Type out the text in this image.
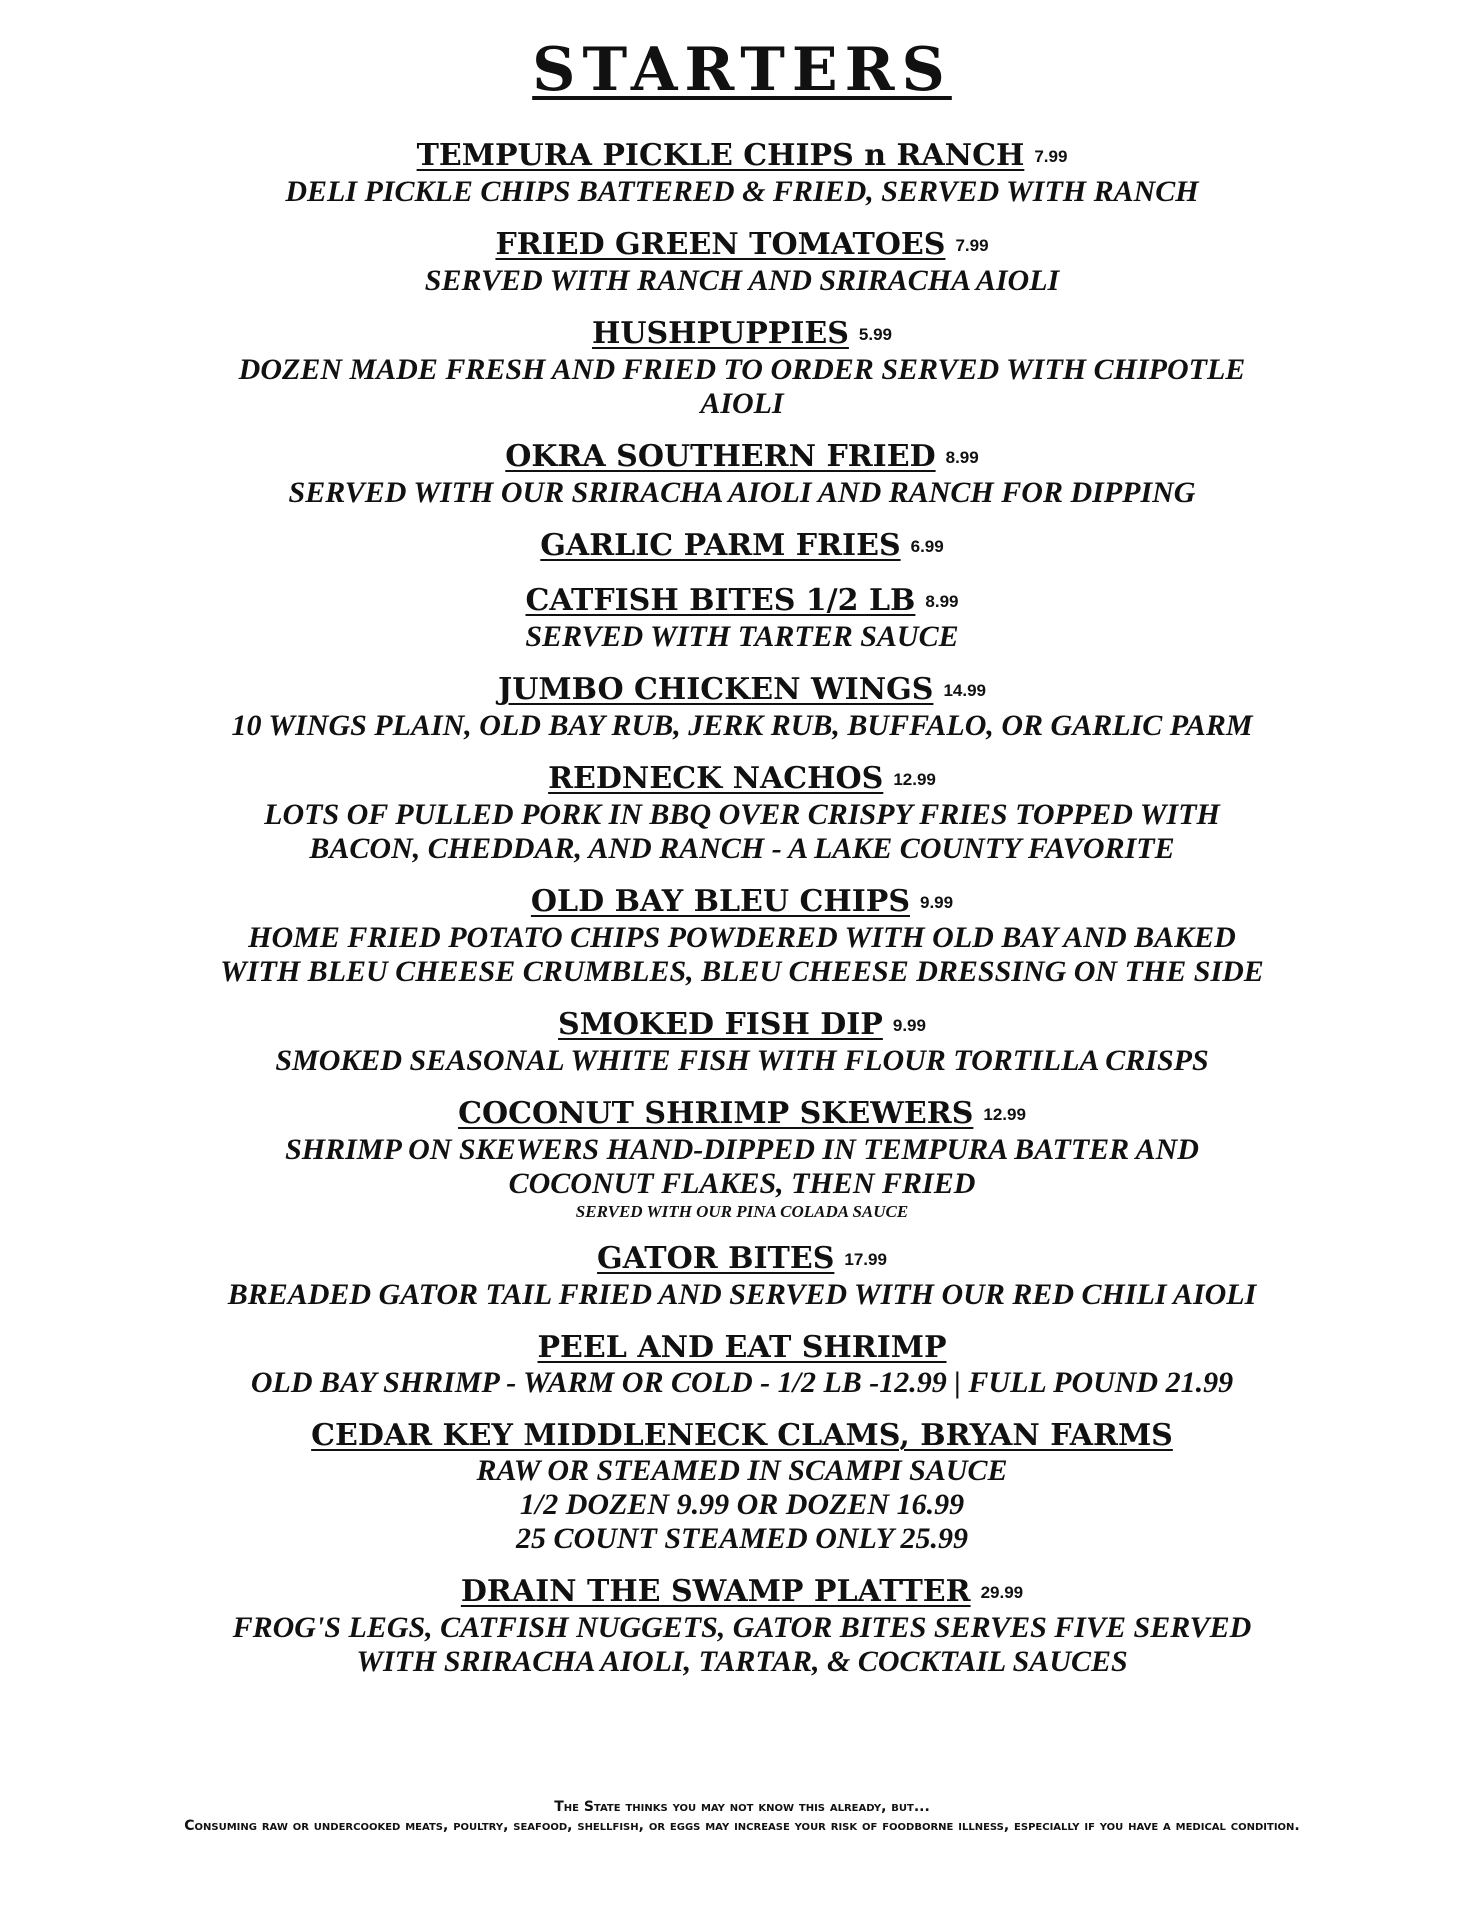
STARTERS
TEMPURA PICKLE CHIPS n RANCH 7.99
DELI PICKLE CHIPS BATTERED & FRIED, SERVED WITH RANCH
FRIED GREEN TOMATOES 7.99
SERVED WITH RANCH AND SRIRACHA AIOLI
HUSHPUPPIES 5.99
DOZEN MADE FRESH AND FRIED TO ORDER SERVED WITH CHIPOTLE
AIOLI
OKRA SOUTHERN FRIED 8.99
SERVED WITH OUR SRIRACHA AIOLI AND RANCH FOR DIPPING
GARLIC PARM FRIES 6.99
CATFISH BITES 1/2 LB 8.99
SERVED WITH TARTER SAUCE
JUMBO CHICKEN WINGS 14.99
10 WINGS PLAIN, OLD BAY RUB, JERK RUB, BUFFALO, OR GARLIC PARM
REDNECK NACHOS 12.99
LOTS OF PULLED PORK IN BBQ OVER CRISPY FRIES TOPPED WITH
BACON, CHEDDAR, AND RANCH - A LAKE COUNTY FAVORITE
OLD BAY BLEU CHIPS 9.99
HOME FRIED POTATO CHIPS POWDERED WITH OLD BAY AND BAKED
WITH BLEU CHEESE CRUMBLES, BLEU CHEESE DRESSING ON THE SIDE
SMOKED FISH DIP 9.99
SMOKED SEASONAL WHITE FISH WITH FLOUR TORTILLA CRISPS
COCONUT SHRIMP SKEWERS 12.99
SHRIMP ON SKEWERS HAND-DIPPED IN TEMPURA BATTER AND
COCONUT FLAKES, THEN FRIED
SERVED WITH OUR PINA COLADA SAUCE
GATOR BITES 17.99
BREADED GATOR TAIL FRIED AND SERVED WITH OUR RED CHILI AIOLI
PEEL AND EAT SHRIMP
OLD BAY SHRIMP - WARM OR COLD - 1/2 LB -12.99 | FULL POUND 21.99
CEDAR KEY MIDDLENECK CLAMS, BRYAN FARMS
RAW OR STEAMED IN SCAMPI SAUCE
1/2 DOZEN 9.99 OR DOZEN 16.99
25 COUNT STEAMED ONLY 25.99
DRAIN THE SWAMP PLATTER 29.99
FROG'S LEGS, CATFISH NUGGETS, GATOR BITES SERVES FIVE SERVED
WITH SRIRACHA AIOLI, TARTAR, & COCKTAIL SAUCES
The State thinks you may not know this already, but...
Consuming raw or undercooked meats, poultry, seafood, shellfish, or eggs may increase your risk of foodborne illness, especially if you have a medical condition.
